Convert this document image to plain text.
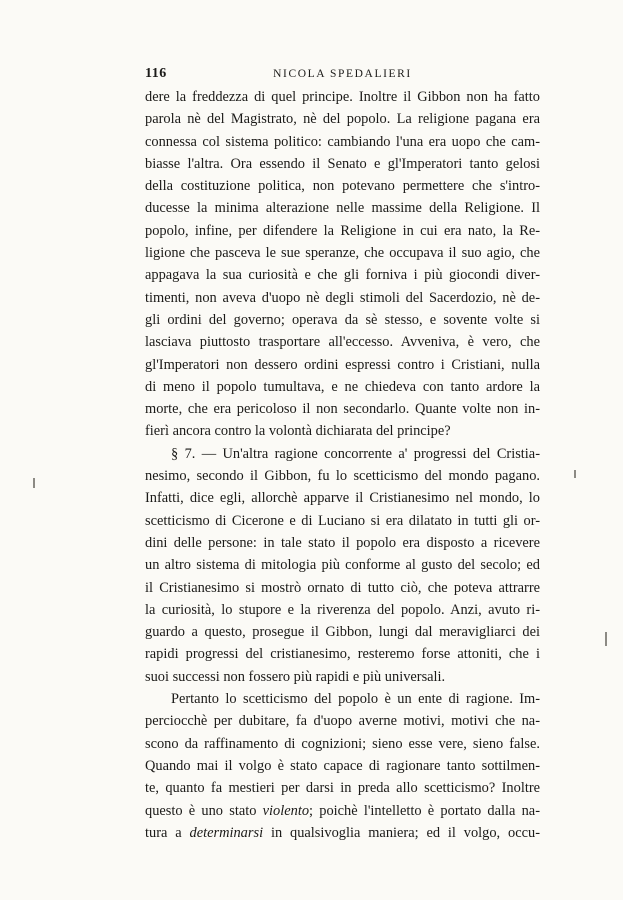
116	NICOLA SPEDALIERI
dere la freddezza di quel principe. Inoltre il Gibbon non ha fatto
parola nè del Magistrato, nè del popolo. La religione pagana era
connessa col sistema politico: cambiando l'una era uopo che cam-
biasse l'altra. Ora essendo il Senato e gl'Imperatori tanto gelosi
della costituzione politica, non potevano permettere che s'intro-
ducesse la minima alterazione nelle massime della Religione. Il
popolo, infine, per difendere la Religione in cui era nato, la Re-
ligione che pasceva le sue speranze, che occupava il suo agio, che
appagava la sua curiosità e che gli forniva i più giocondi diver-
timenti, non aveva d'uopo nè degli stimoli del Sacerdozio, nè de-
gli ordini del governo; operava da sè stesso, e sovente volte si
lasciava piuttosto trasportare all'eccesso. Avveniva, è vero, che
gl'Imperatori non dessero ordini espressi contro i Cristiani, nulla
di meno il popolo tumultava, e ne chiedeva con tanto ardore la
morte, che era pericoloso il non secondarlo. Quante volte non in-
fierì ancora contro la volontà dichiarata del principe?
§ 7. — Un'altra ragione concorrente a' progressi del Cristia-
nesimo, secondo il Gibbon, fu lo scetticismo del mondo pagano.
Infatti, dice egli, allorchè apparve il Cristianesimo nel mondo, lo
scetticismo di Cicerone e di Luciano si era dilatato in tutti gli or-
dini delle persone: in tale stato il popolo era disposto a ricevere
un altro sistema di mitologia più conforme al gusto del secolo; ed
il Cristianesimo si mostrò ornato di tutto ciò, che poteva attrarre
la curiosità, lo stupore e la riverenza del popolo. Anzi, avuto ri-
guardo a questo, prosegue il Gibbon, lungi dal meravigliarci dei
rapidi progressi del cristianesimo, resteremo forse attoniti, che i
suoi successi non fossero più rapidi e più universali.
Pertanto lo scetticismo del popolo è un ente di ragione. Im-
perciocchè per dubitare, fa d'uopo averne motivi, motivi che na-
scono da raffinamento di cognizioni; sieno esse vere, sieno false.
Quando mai il volgo è stato capace di ragionare tanto sottilmen-
te, quanto fa mestieri per darsi in preda allo scetticismo? Inoltre
questo è uno stato violento; poichè l'intelletto è portato dalla na-
tura a determinarsi in qualsivoglia maniera; ed il volgo, occu-
